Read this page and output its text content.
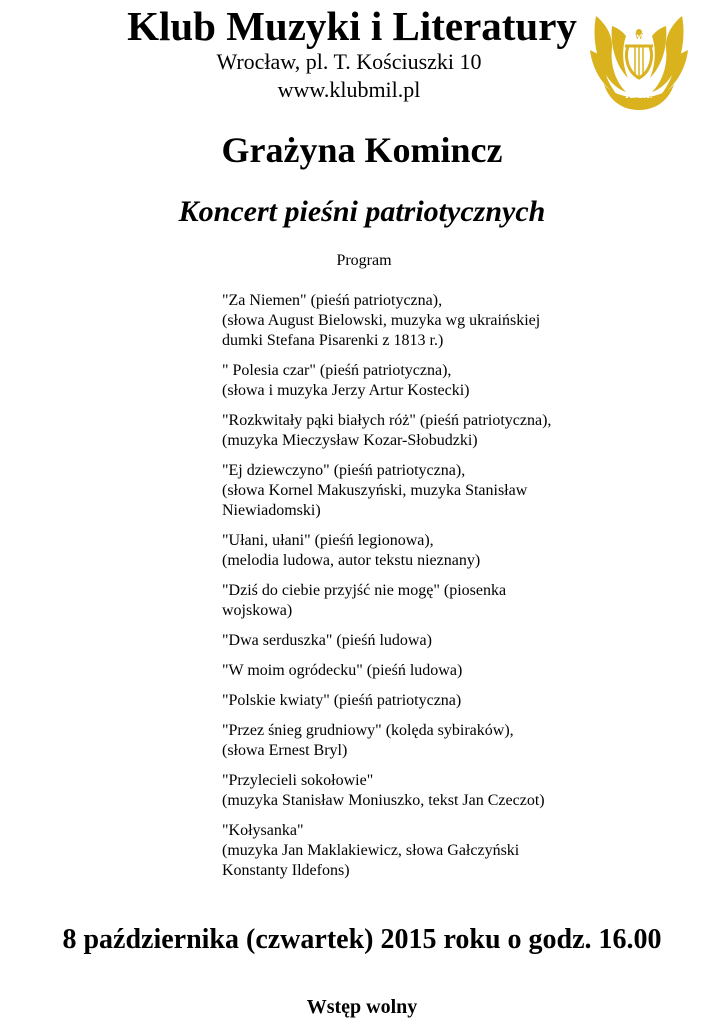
Klub Muzyki i Literatury
Wrocław, pl. T. Kościuszki 10
www.klubmil.pl
W
KMiL
Grażyna Komincz
Koncert pieśni patriotycznych
Program
"Za Niemen" (pieśń patriotyczna),
(słowa August Bielowski, muzyka wg ukraińskiej
dumki Stefana Pisarenki z 1813 r.)
" Polesia czar" (pieśń patriotyczna),
(słowa i muzyka Jerzy Artur Kostecki)
"Rozkwitały pąki białych róż" (pieśń patriotyczna),
(muzyka Mieczysław Kozar-Słobudzki)
"Ej dziewczyno" (pieśń patriotyczna),
(słowa Kornel Makuszyński, muzyka Stanisław
Niewiadomski)
"Ułani, ułani" (pieśń legionowa),
(melodia ludowa, autor tekstu nieznany)
"Dziś do ciebie przyjść nie mogę" (piosenka
wojskowa)
"Dwa serduszka" (pieśń ludowa)
"W moim ogródecku" (pieśń ludowa)
"Polskie kwiaty" (pieśń patriotyczna)
"Przez śnieg grudniowy" (kolęda sybiraków),
(słowa Ernest Bryl)
"Przylecieli sokołowie"
(muzyka Stanisław Moniuszko, tekst Jan Czeczot)
"Kołysanka"
(muzyka Jan Maklakiewicz, słowa Gałczyński
Konstanty Ildefons)
8 października (czwartek) 2015 roku o godz. 16.00
Wstęp wolny
